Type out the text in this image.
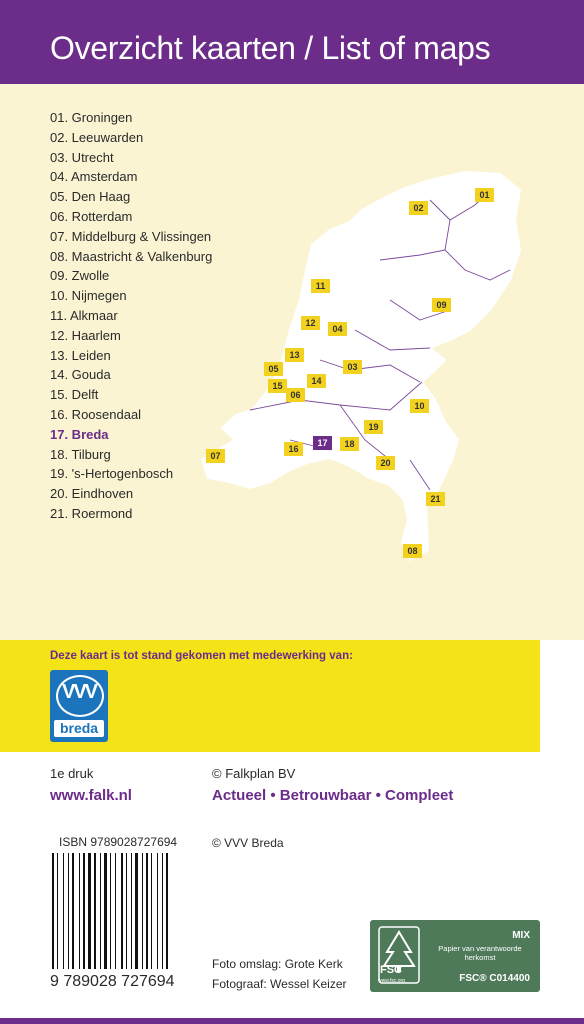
Overzicht kaarten / List of maps
01. Groningen
02. Leeuwarden
03. Utrecht
04. Amsterdam
05. Den Haag
06. Rotterdam
07. Middelburg & Vlissingen
08. Maastricht & Valkenburg
09. Zwolle
10. Nijmegen
11. Alkmaar
12. Haarlem
13. Leiden
14. Gouda
15. Delft
16. Roosendaal
17. Breda
18. Tilburg
19. 's-Hertogenbosch
20. Eindhoven
21. Roermond
01
02
11
12
04
09
13
03
05
15	14
06
10
19
07
16
17	18
20
21
08
Deze kaart is tot stand gekomen met medewerking van:
VVV
breda
1e druk
www.falk.nl
© Falkplan BV
Actueel • Betrouwbaar • Compleet
© VVV Breda
ISBN 9789028727694
9 789028 727694
Foto omslag: Grote Kerk
Fotograaf: Wessel Keizer
FSC
www.fsc.org
MIX
Papier van verantwoorde herkomst
FSC® C014400
